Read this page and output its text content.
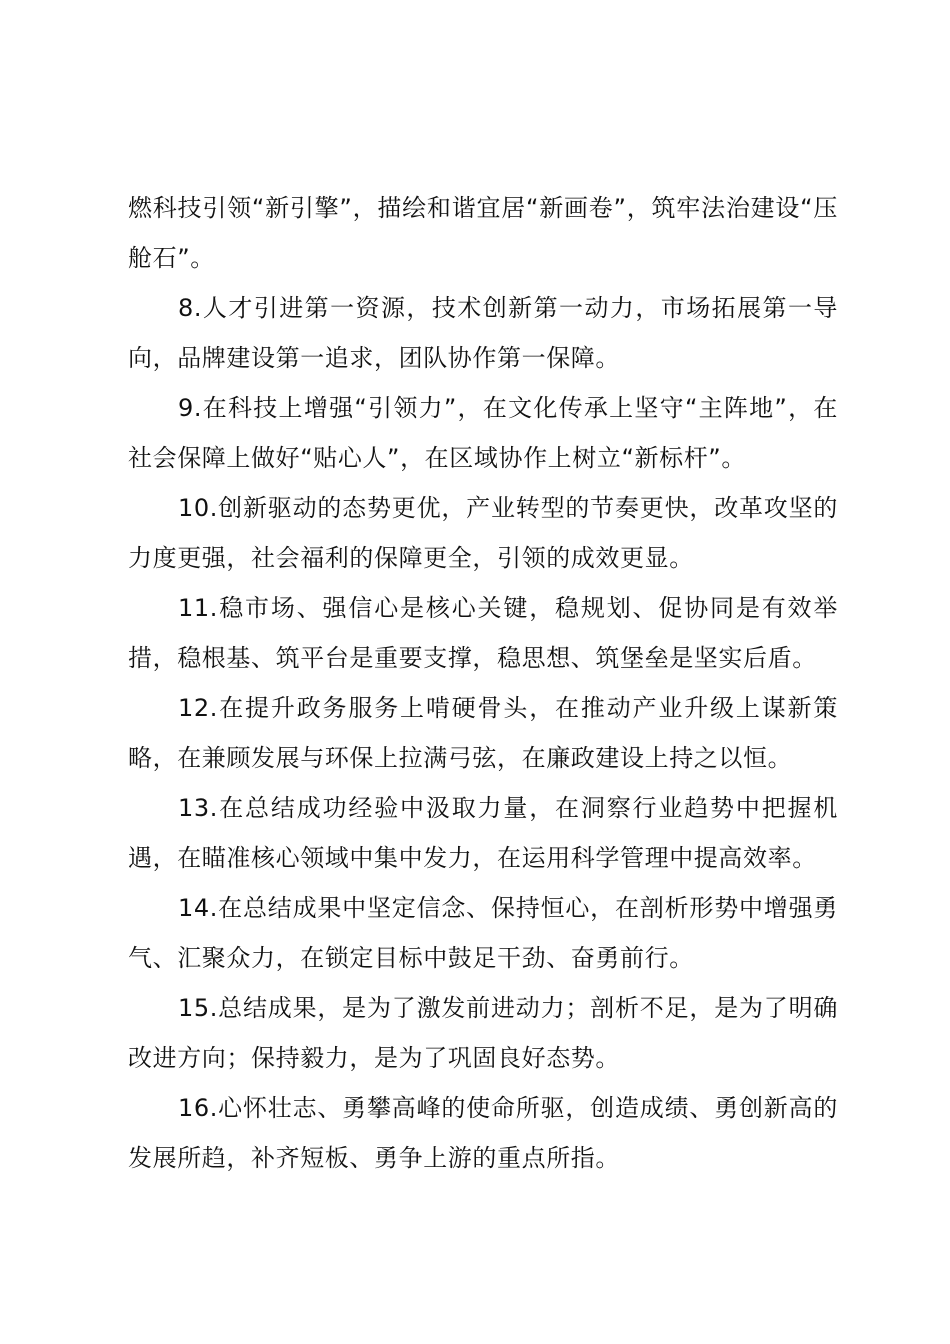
燃科技引领“新引擎”，描绘和谐宜居“新画卷”，筑牢法治建设“压舱石”。

8.人才引进第一资源，技术创新第一动力，市场拓展第一导向，品牌建设第一追求，团队协作第一保障。

9.在科技上增强“引领力”，在文化传承上坚守“主阵地”，在社会保障上做好“贴心人”，在区域协作上树立“新标杆”。

10.创新驱动的态势更优，产业转型的节奏更快，改革攻坚的力度更强，社会福利的保障更全，引领的成效更显。

11.稳市场、强信心是核心关键，稳规划、促协同是有效举措，稳根基、筑平台是重要支撑，稳思想、筑堡垒是坚实后盾。

12.在提升政务服务上啃硬骨头，在推动产业升级上谋新策略，在兼顾发展与环保上拉满弓弦，在廉政建设上持之以恒。

13.在总结成功经验中汲取力量，在洞察行业趋势中把握机遇，在瞄准核心领域中集中发力，在运用科学管理中提高效率。

14.在总结成果中坚定信念、保持恒心，在剖析形势中增强勇气、汇聚众力，在锁定目标中鼓足干劲、奋勇前行。

15.总结成果，是为了激发前进动力；剖析不足，是为了明确改进方向；保持毅力，是为了巩固良好态势。

16.心怀壮志、勇攀高峰的使命所驱，创造成绩、勇创新高的发展所趋，补齐短板、勇争上游的重点所指。
